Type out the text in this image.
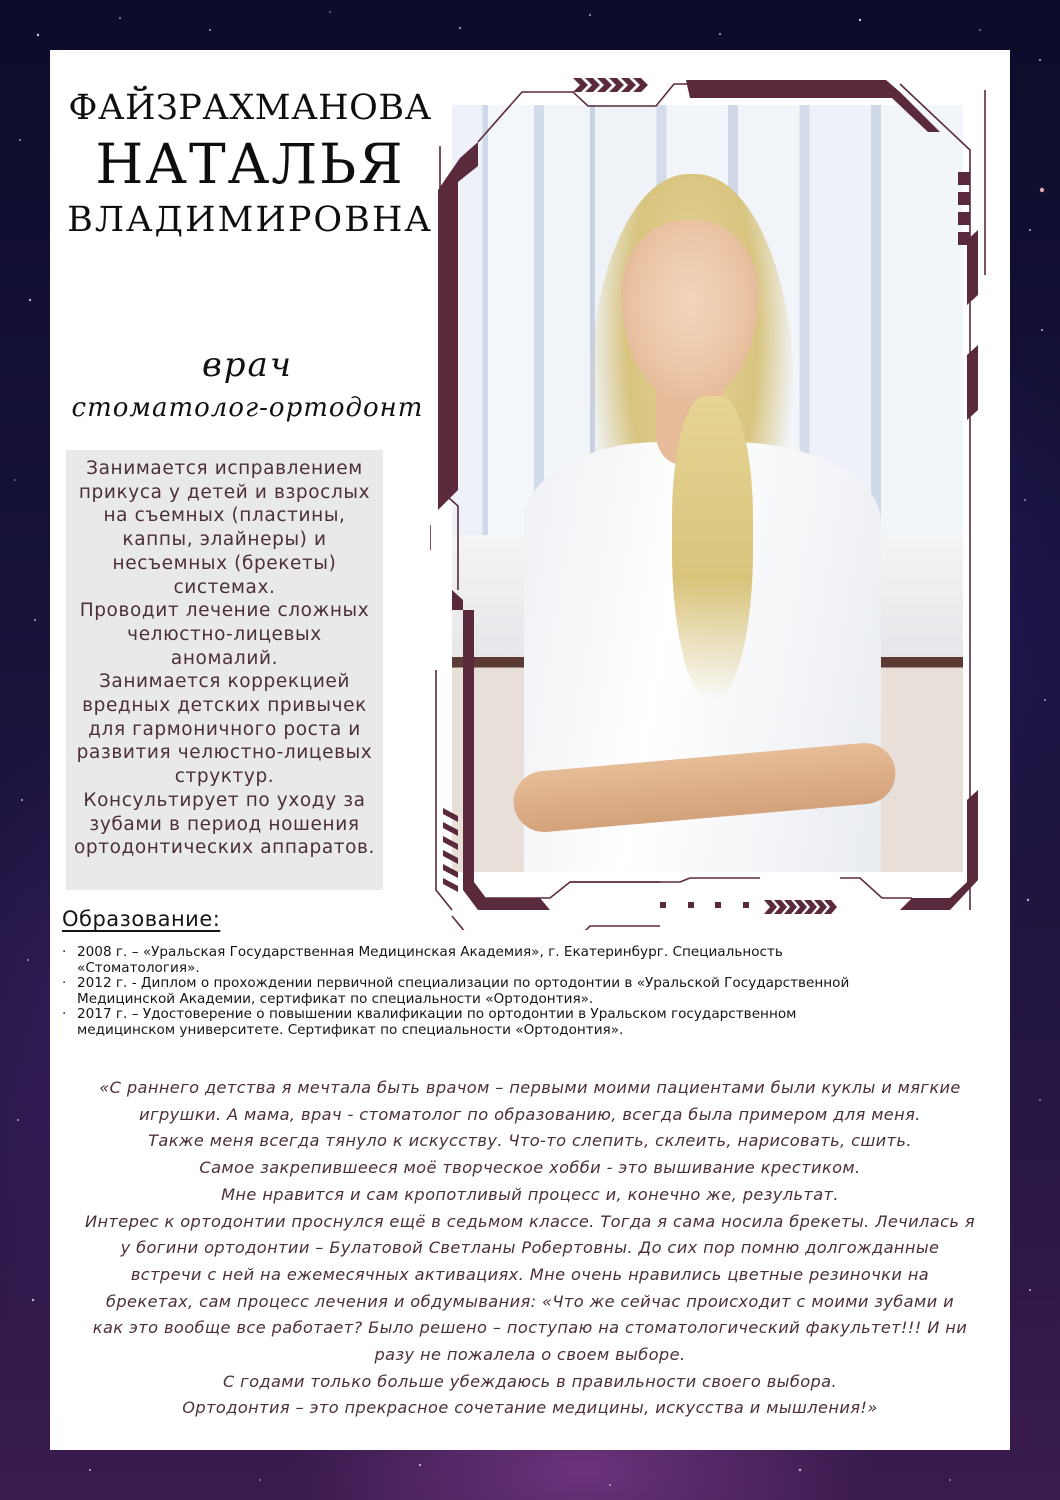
ФАЙЗРАХМАНОВА
НАТАЛЬЯ
ВЛАДИМИРОВНА
врач
стоматолог-ортодонт
Занимается исправлением
прикуса у детей и взрослых
на съемных (пластины,
каппы, элайнеры) и
несъемных (брекеты)
системах.
Проводит лечение сложных
челюстно-лицевых
аномалий.
Занимается коррекцией
вредных детских привычек
для гармоничного роста и
развития челюстно-лицевых
структур.
Консультирует по уходу за
зубами в период ношения
ортодонтических аппаратов.
Образование:
· 2008 г. – «Уральская Государственная Медицинская Академия», г. Екатеринбург. Специальность
«Стоматология».
· 2012 г. - Диплом о прохождении первичной специализации по ортодонтии в «Уральской Государственной
Медицинской Академии, сертификат по специальности «Ортодонтия».
· 2017 г. – Удостоверение о повышении квалификации по ортодонтии в Уральском государственном
медицинском университете. Сертификат по специальности «Ортодонтия».
«С раннего детства я мечтала быть врачом – первыми моими пациентами были куклы и мягкие
игрушки. А мама, врач - стоматолог по образованию, всегда была примером для меня.
Также меня всегда тянуло к искусству. Что-то слепить, склеить, нарисовать, сшить.
Самое закрепившееся моё творческое хобби - это вышивание крестиком.
Мне нравится и сам кропотливый процесс и, конечно же, результат.
Интерес к ортодонтии проснулся ещё в седьмом классе. Тогда я сама носила брекеты. Лечилась я
у богини ортодонтии – Булатовой Светланы Робертовны. До сих пор помню долгожданные
встречи с ней на ежемесячных активациях. Мне очень нравились цветные резиночки на
брекетах, сам процесс лечения и обдумывания: «Что же сейчас происходит с моими зубами и
как это вообще все работает? Было решено – поступаю на стоматологический факультет!!! И ни
разу не пожалела о своем выборе.
С годами только больше убеждаюсь в правильности своего выбора.
Ортодонтия – это прекрасное сочетание медицины, искусства и мышления!»
